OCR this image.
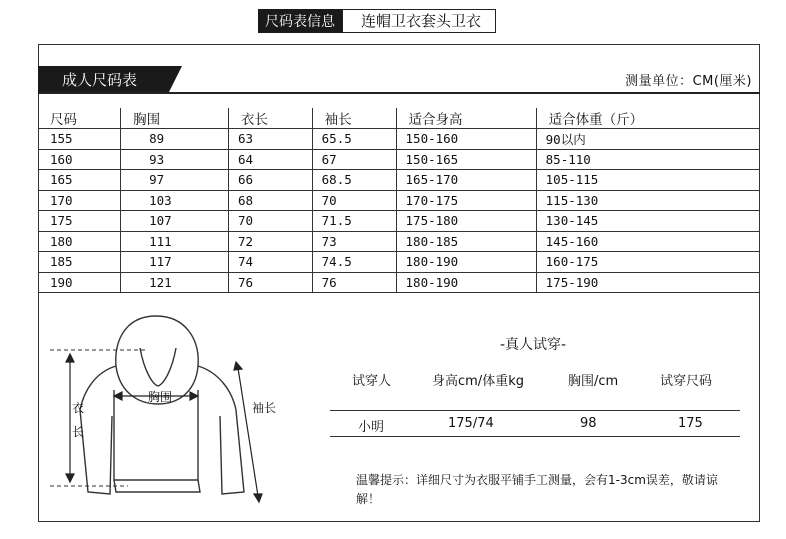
尺码表信息	连帽卫衣套头卫衣
成人尺码表	测量单位：CM(厘米)
尺码	胸围	衣长	袖长	适合身高	适合体重（斤）
155	89	63	65.5	150-160	90以内
160	93	64	67	150-165	85-110
165	97	66	68.5	165-170	105-115
170	103	68	70	170-175	115-130
175	107	70	71.5	175-180	130-145
180	111	72	73	180-185	145-160
185	117	74	74.5	180-190	160-175
190	121	76	76	180-190	175-190
衣
长
胸围
袖长
-真人试穿-
试穿人	身高cm/体重kg	胸围/cm	试穿尺码
小明	175/74	98	175
温馨提示：详细尺寸为衣服平铺手工测量，会有1-3cm误差，敬请谅解！
